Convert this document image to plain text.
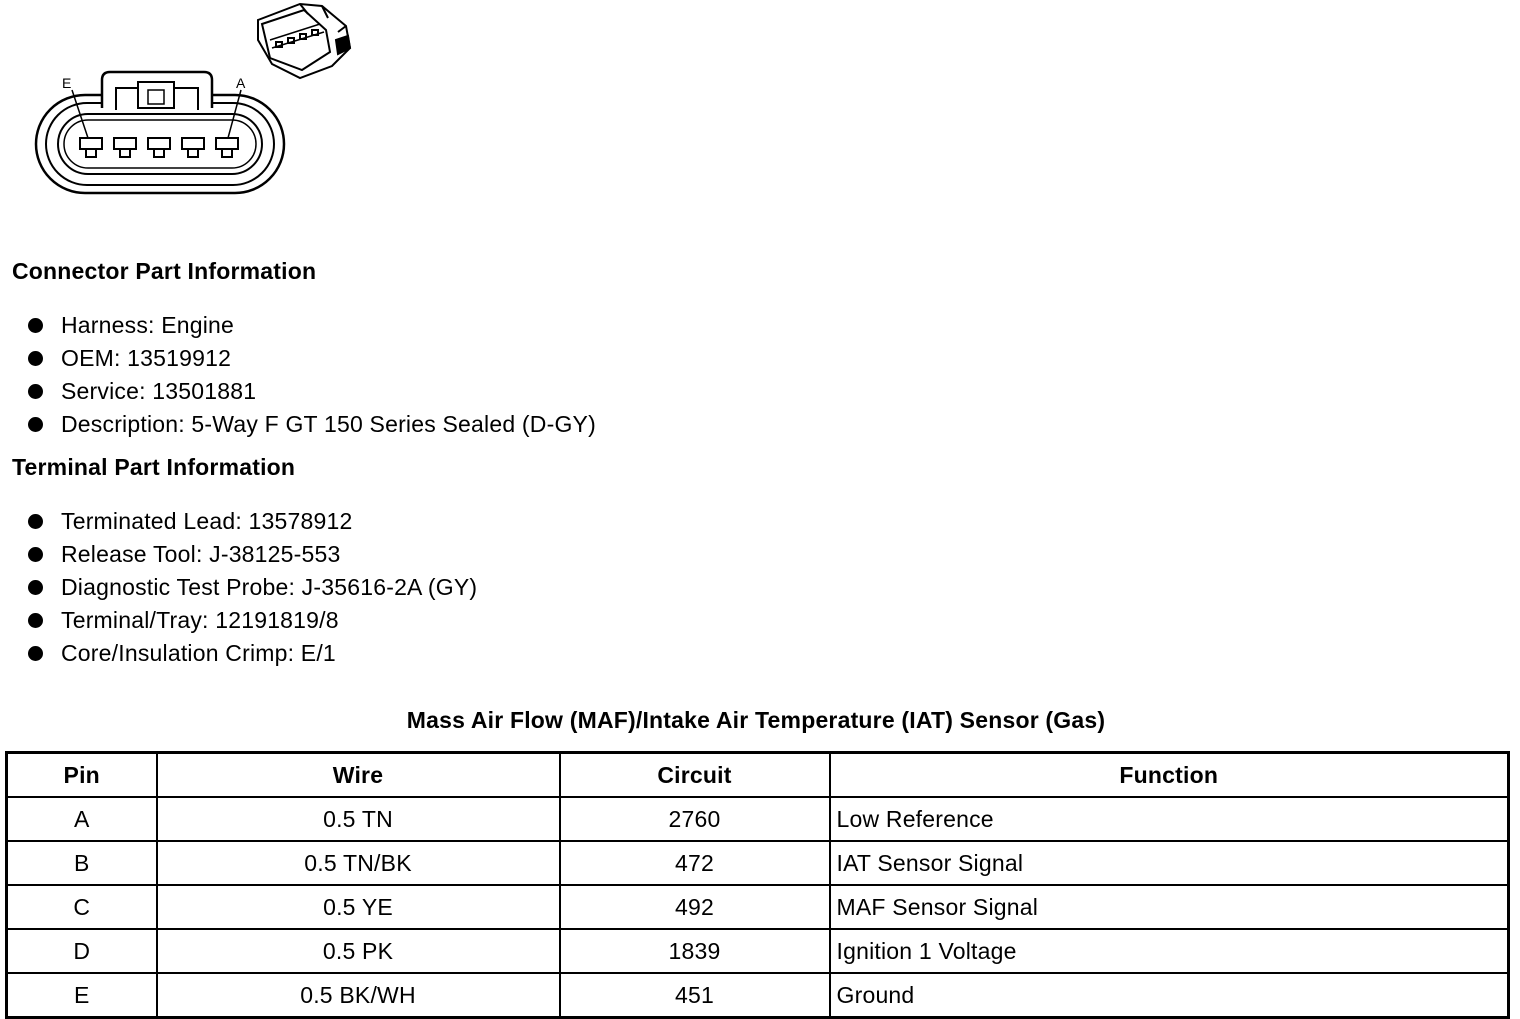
E	A
Connector Part Information
Harness: Engine
OEM: 13519912
Service: 13501881
Description: 5-Way F GT 150 Series Sealed (D-GY)
Terminal Part Information
Terminated Lead: 13578912
Release Tool: J-38125-553
Diagnostic Test Probe: J-35616-2A (GY)
Terminal/Tray: 12191819/8
Core/Insulation Crimp: E/1
Mass Air Flow (MAF)/Intake Air Temperature (IAT) Sensor (Gas)
Pin	Wire	Circuit	Function
A	0.5 TN	2760	Low Reference
B	0.5 TN/BK	472	IAT Sensor Signal
C	0.5 YE	492	MAF Sensor Signal
D	0.5 PK	1839	Ignition 1 Voltage
E	0.5 BK/WH	451	Ground
